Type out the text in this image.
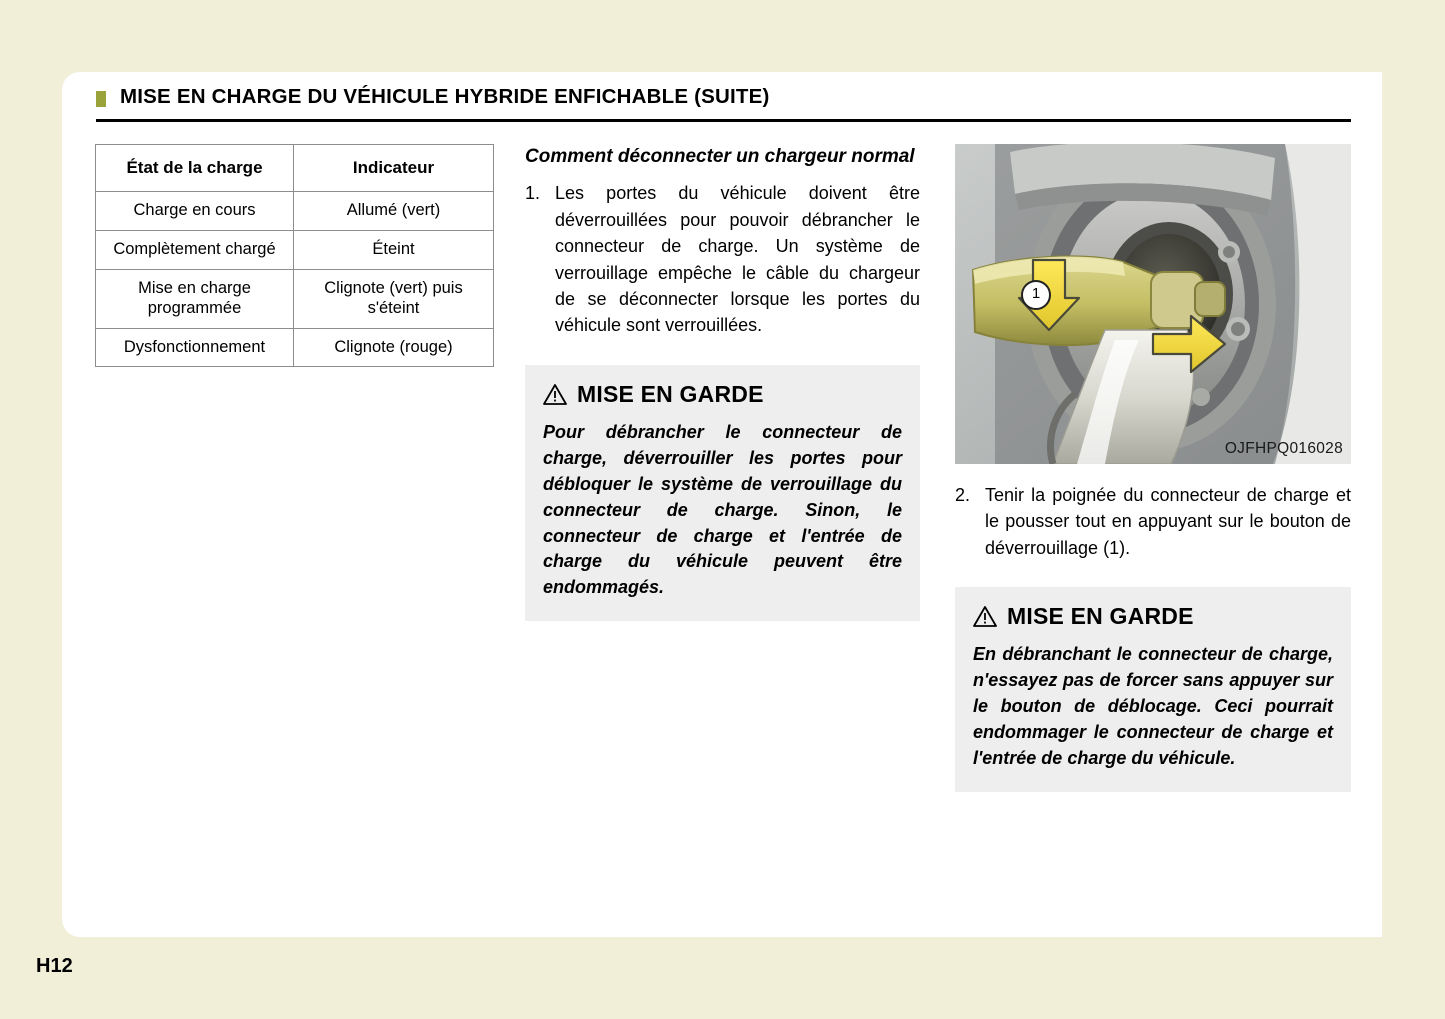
MISE EN CHARGE DU VÉHICULE HYBRIDE ENFICHABLE (SUITE)
État de la charge	Indicateur
Charge en cours	Allumé (vert)
Complètement chargé	Éteint
Mise en charge programmée	Clignote (vert) puis s'éteint
Dysfonctionnement	Clignote (rouge)

Comment déconnecter un chargeur normal

1. Les portes du véhicule doivent être déverrouillées pour pouvoir débrancher le connecteur de charge. Un système de verrouillage empêche le câble du chargeur de se déconnecter lorsque les portes du véhicule sont verrouillées.
MISE EN GARDE
Pour débrancher le connecteur de charge, déverrouiller les portes pour débloquer le système de verrouillage du connecteur de charge. Sinon, le connecteur de charge et l'entrée de charge du véhicule peuvent être endommagés.
1
OJFHPQ016028
2. Tenir la poignée du connecteur de charge et le pousser tout en appuyant sur le bouton de déverrouillage (1).
MISE EN GARDE
En débranchant le connecteur de charge, n'essayez pas de forcer sans appuyer sur le bouton de déblocage. Ceci pourrait endommager le connecteur de charge et l'entrée de charge du véhicule.
H12
